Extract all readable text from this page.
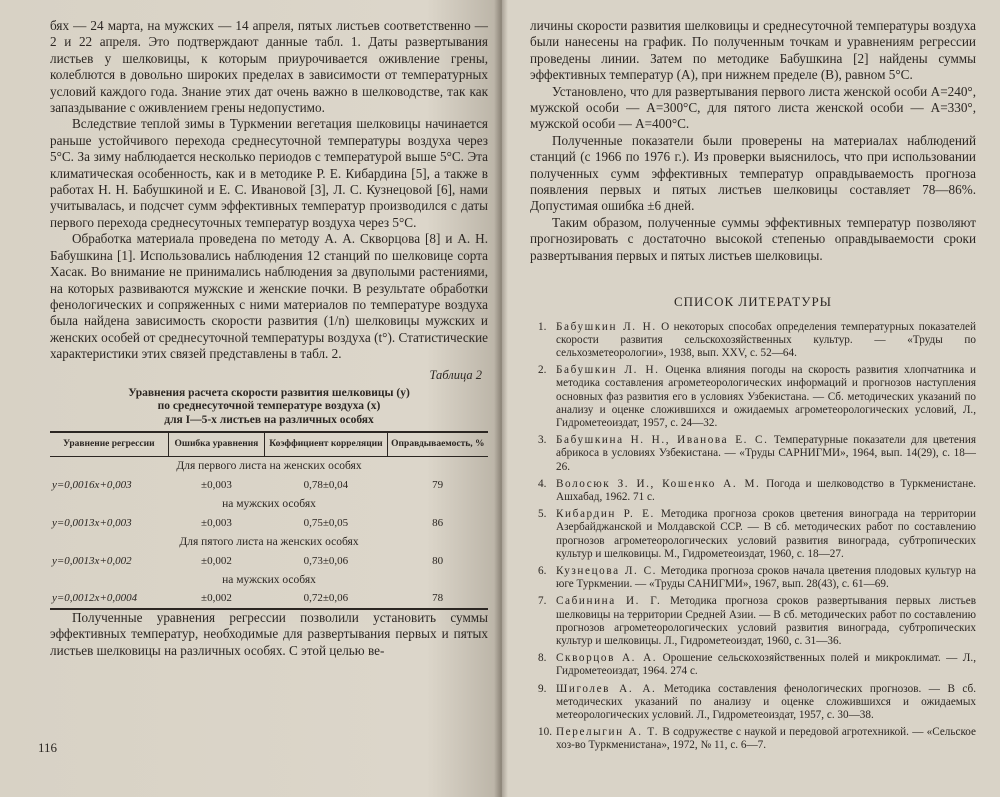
бях — 24 марта, на мужских — 14 апреля, пятых листьев соответственно — 2 и 22 апреля. Это подтверждают данные табл. 1. Даты развертывания листьев у шелковицы, к которым приурочивается оживление грены, колеблются в довольно широких пределах в зависимости от температурных условий каждого года. Знание этих дат очень важно в шелководстве, так как запаздывание с оживлением грены недопустимо.

Вследствие теплой зимы в Туркмении вегетация шелковицы начинается раньше устойчивого перехода среднесуточной температуры воздуха через 5°С. За зиму наблюдается несколько периодов с температурой выше 5°С. Эта климатическая особенность, как и в методике Р. Е. Кибардина [5], а также в работах Н. Н. Бабушкиной и Е. С. Ивановой [3], Л. С. Кузнецовой [6], нами учитывалась, и подсчет сумм эффективных температур производился с даты первого перехода среднесуточных температур воздуха через 5°С.

Обработка материала проведена по методу А. А. Скворцова [8] и А. Н. Бабушкина [1]. Использовались наблюдения 12 станций по шелковице сорта Хасак. Во внимание не принимались наблюдения за двуполыми растениями, на которых развиваются мужские и женские почки. В результате обработки фенологических и сопряженных с ними материалов по температуре воздуха была найдена зависимость скорости развития (1/n) шелковицы мужских и женских особей от среднесуточной температуры воздуха (t°). Статистические характеристики этих связей представлены в табл. 2.

Таблица 2
Уравнения расчета скорости развития шелковицы (y)
по среднесуточной температуре воздуха (x)
для I—5-х листьев на различных особях
Уравнение регрессии	Ошибка уравнения	Коэффициент корреляции	Оправдываемость, %
Для первого листа на женских особях			
y=0,0016x+0,003	±0,003	0,78±0,04	79
на мужских особях			
y=0,0013x+0,003	±0,003	0,75±0,05	86
Для пятого листа на женских особях			
y=0,0013x+0,002	±0,002	0,73±0,06	80
на мужских особях			
y=0,0012x+0,0004	±0,002	0,72±0,06	78

Полученные уравнения регрессии позволили установить суммы эффективных температур, необходимые для развертывания первых и пятых листьев шелковицы на различных особях. С этой целью ве-

116

личины скорости развития шелковицы и среднесуточной температуры воздуха были нанесены на график. По полученным точкам и уравнениям регрессии проведены линии. Затем по методике Бабушкина [2] найдены суммы эффективных температур (A), при нижнем пределе (B), равном 5°С.

Установлено, что для развертывания первого листа женской особи A=240°, мужской особи — A=300°С, для пятого листа женской особи — A=330°, мужской особи — A=400°С.

Полученные показатели были проверены на материалах наблюдений станций (с 1966 по 1976 г.). Из проверки выяснилось, что при использовании полученных сумм эффективных температур оправдываемость прогноза появления первых и пятых листьев шелковицы составляет 78—86%. Допустимая ошибка ±6 дней.

Таким образом, полученные суммы эффективных температур позволяют прогнозировать с достаточно высокой степенью оправдываемости сроки развертывания первых и пятых листьев шелковицы.

СПИСОК ЛИТЕРАТУРЫ
1. Бабушкин Л. Н. О некоторых способах определения температурных показателей скорости развития сельскохозяйственных культур. — «Труды по сельхозметеорологии», 1938, вып. XXV, с. 52—64.
2. Бабушкин Л. Н. Оценка влияния погоды на скорость развития хлопчатника и методика составления агрометеорологических информаций и прогнозов наступления основных фаз развития его в условиях Узбекистана. — Сб. методических указаний по анализу и оценке сложившихся и ожидаемых агрометеорологических условий, Л., Гидрометеоиздат, 1957, с. 24—32.
3. Бабушкина Н. Н., Иванова Е. С. Температурные показатели для цветения абрикоса в условиях Узбекистана. — «Труды САРНИГМИ», 1964, вып. 14(29), с. 18—26.
4. Волосюк З. И., Кошенко А. М. Погода и шелководство в Туркменистане. Ашхабад, 1962. 71 с.
5. Кибардин Р. Е. Методика прогноза сроков цветения винограда на территории Азербайджанской и Молдавской ССР. — В сб. методических работ по составлению прогнозов агрометеорологических условий развития винограда, субтропических культур и шелковицы. М., Гидрометеоиздат, 1960, с. 18—27.
6. Кузнецова Л. С. Методика прогноза сроков начала цветения плодовых культур на юге Туркмении. — «Труды САНИГМИ», 1967, вып. 28(43), с. 61—69.
7. Сабинина И. Г. Методика прогноза сроков развертывания первых листьев шелковицы на территории Средней Азии. — В сб. методических работ по составлению прогнозов агрометеорологических условий развития винограда, субтропических культур и шелковицы. Л., Гидрометеоиздат, 1960, с. 31—36.
8. Скворцов А. А. Орошение сельскохозяйственных полей и микроклимат. — Л., Гидрометеоиздат, 1964. 274 с.
9. Шиголев А. А. Методика составления фенологических прогнозов. — В сб. методических указаний по анализу и оценке сложившихся и ожидаемых метеорологических условий. Л., Гидрометеоиздат, 1957, с. 30—38.
10. Перелыгин А. Т. В содружестве с наукой и передовой агротехникой. — «Сельское хоз-во Туркменистана», 1972, № 11, с. 6—7.
